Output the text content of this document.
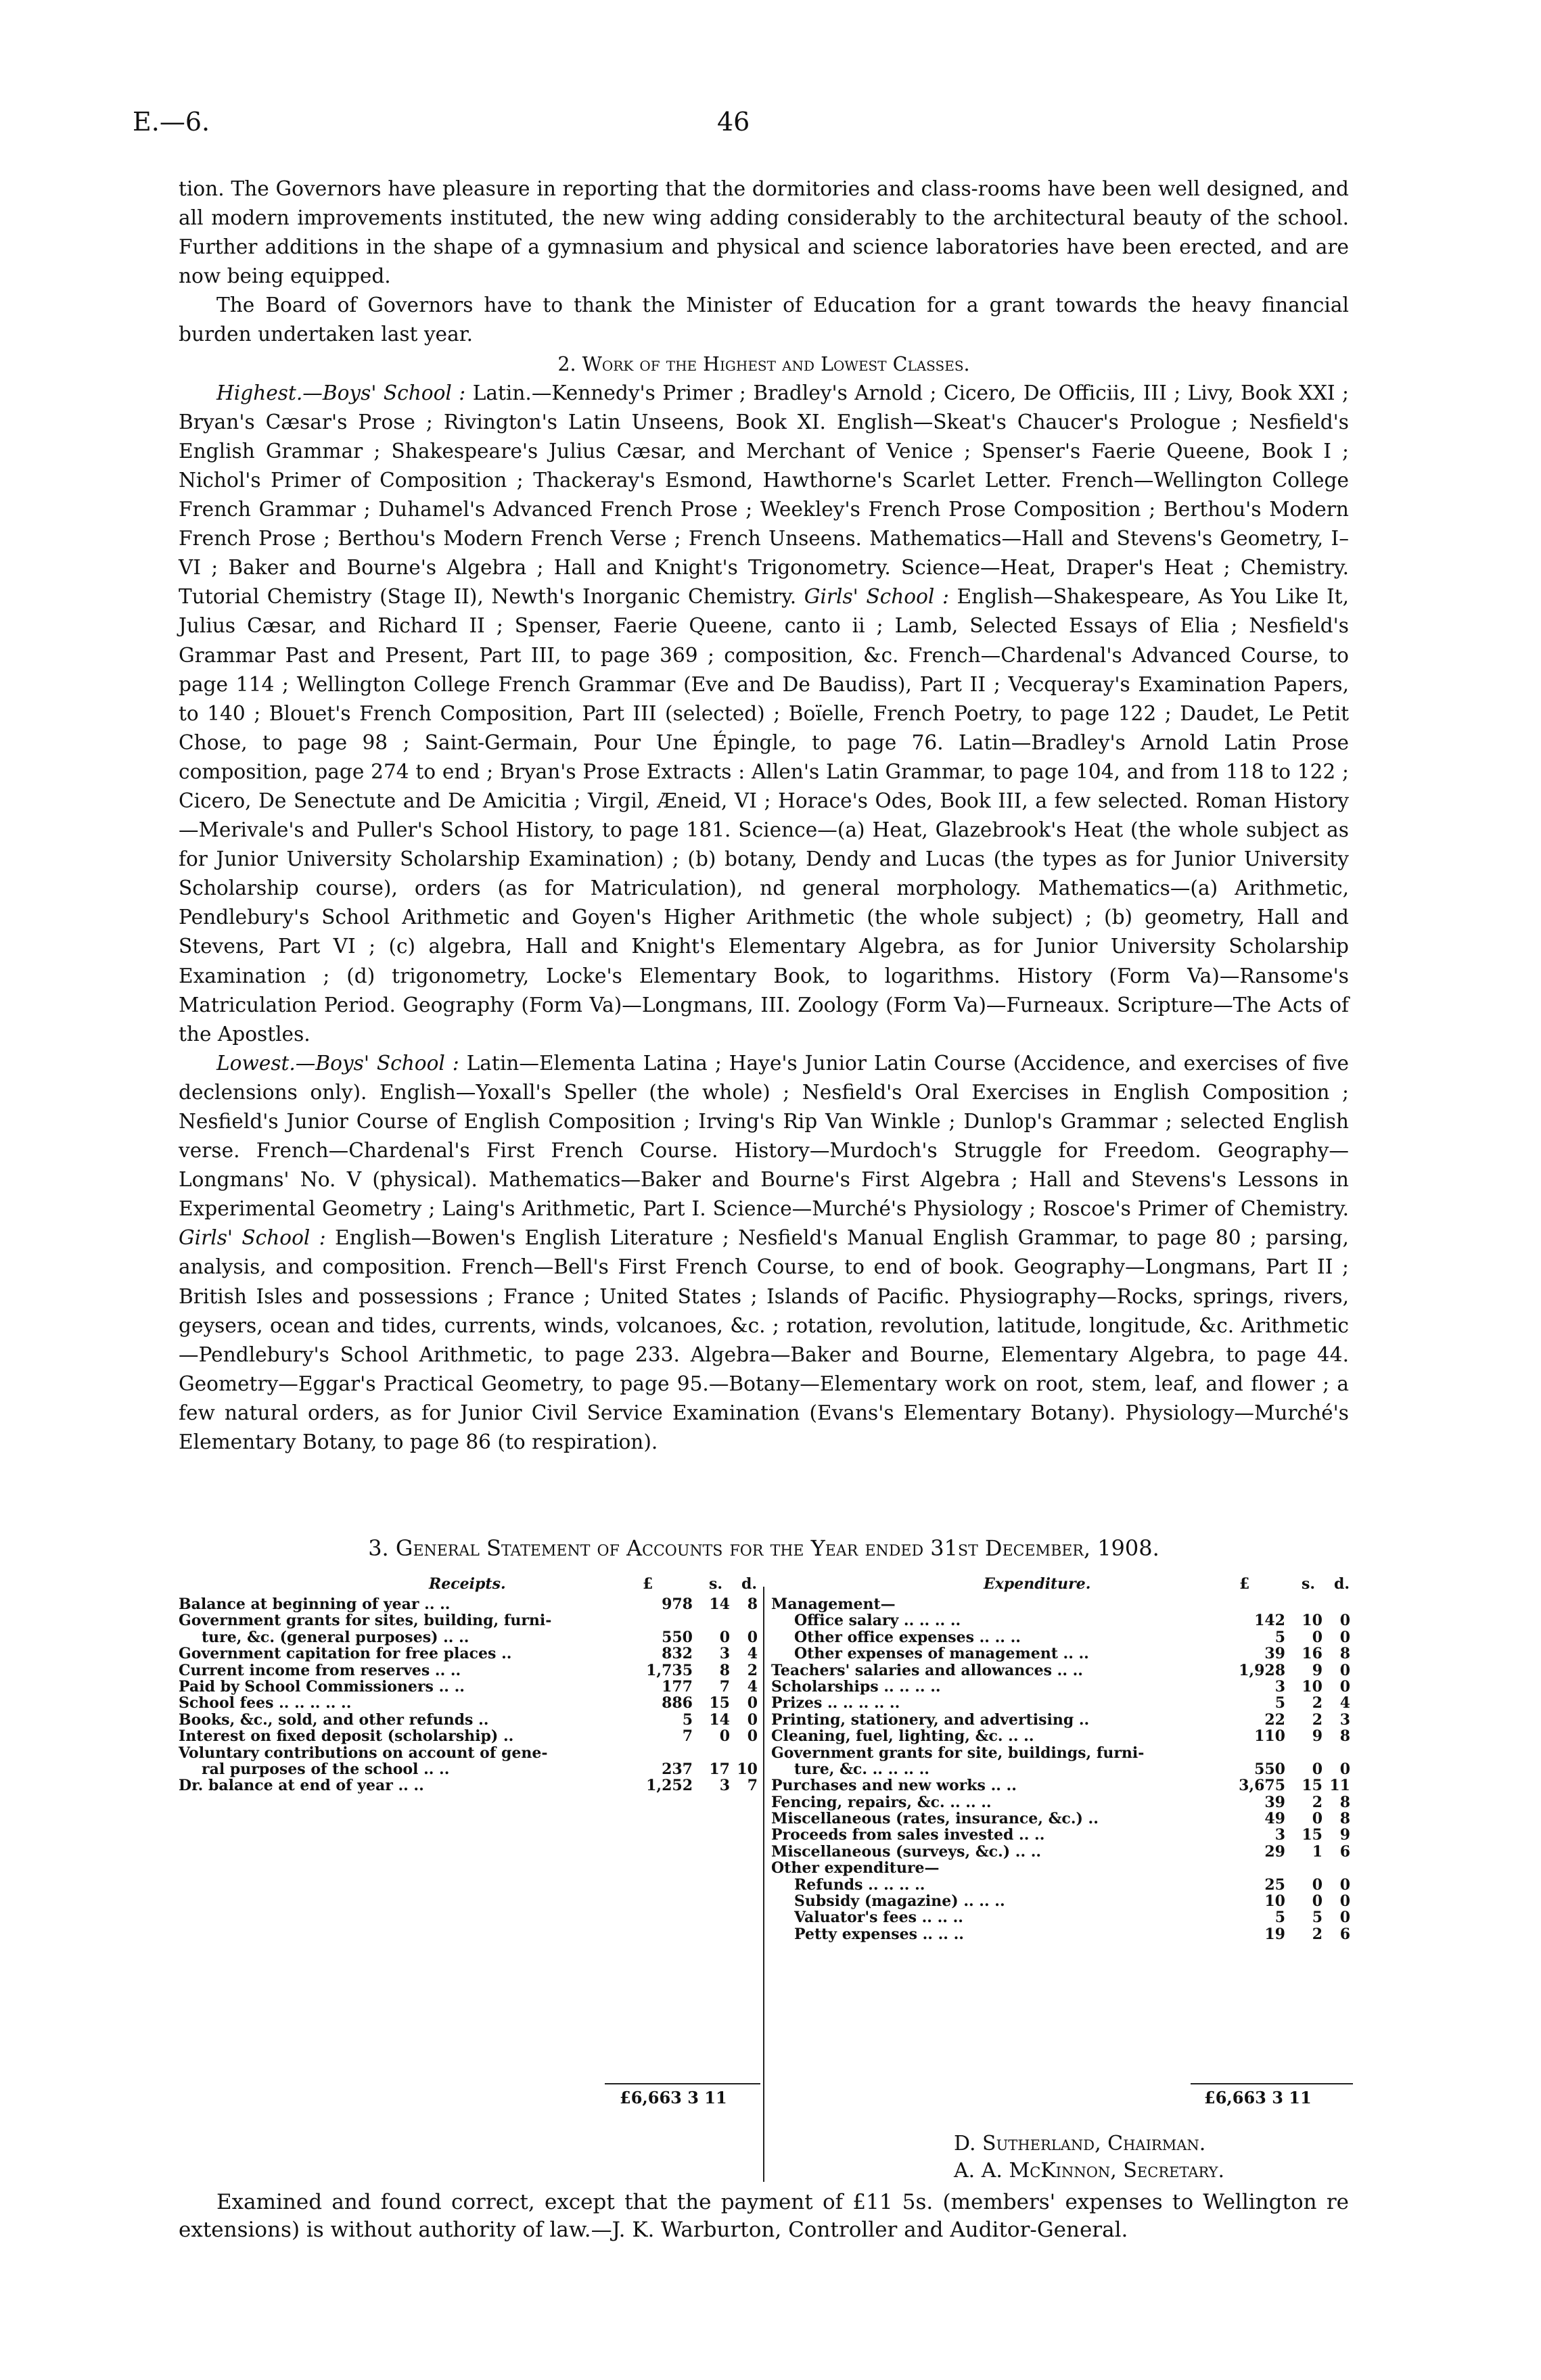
E.—6.	46

tion. The Governors have pleasure in reporting that the dormitories and class-rooms have been well designed, and all modern improvements instituted, the new wing adding considerably to the architectural beauty of the school. Further additions in the shape of a gymnasium and physical and science laboratories have been erected, and are now being equipped.

The Board of Governors have to thank the Minister of Education for a grant towards the heavy financial burden undertaken last year.

2. Work of the Highest and Lowest Classes.

Highest.—Boys' School : Latin.—Kennedy's Primer ; Bradley's Arnold ; Cicero, De Officiis, III ; Livy, Book XXI ; Bryan's Cæsar's Prose ; Rivington's Latin Unseens, Book XI. English—Skeat's Chaucer's Prologue ; Nesfield's English Grammar ; Shakespeare's Julius Cæsar, and Merchant of Venice ; Spenser's Faerie Queene, Book I ; Nichol's Primer of Composition ; Thackeray's Esmond, Hawthorne's Scarlet Letter. French—Wellington College French Grammar ; Duhamel's Advanced French Prose ; Weekley's French Prose Composition ; Berthou's Modern French Prose ; Berthou's Modern French Verse ; French Unseens. Mathematics—Hall and Stevens's Geometry, I–VI ; Baker and Bourne's Algebra ; Hall and Knight's Trigonometry. Science—Heat, Draper's Heat ; Chemistry. Tutorial Chemistry (Stage II), Newth's Inorganic Chemistry. Girls' School : English—Shakespeare, As You Like It, Julius Cæsar, and Richard II ; Spenser, Faerie Queene, canto ii ; Lamb, Selected Essays of Elia ; Nesfield's Grammar Past and Present, Part III, to page 369 ; composition, &c. French—Chardenal's Advanced Course, to page 114 ; Wellington College French Grammar (Eve and De Baudiss), Part II ; Vecqueray's Examination Papers, to 140 ; Blouet's French Composition, Part III (selected) ; Boïelle, French Poetry, to page 122 ; Daudet, Le Petit Chose, to page 98 ; Saint-Germain, Pour Une Épingle, to page 76. Latin—Bradley's Arnold Latin Prose composition, page 274 to end ; Bryan's Prose Extracts : Allen's Latin Grammar, to page 104, and from 118 to 122 ; Cicero, De Senectute and De Amicitia ; Virgil, Æneid, VI ; Horace's Odes, Book III, a few selected. Roman History—Merivale's and Puller's School History, to page 181. Science—(a) Heat, Glazebrook's Heat (the whole subject as for Junior University Scholarship Examination) ; (b) botany, Dendy and Lucas (the types as for Junior University Scholarship course), orders (as for Matriculation), nd general morphology. Mathematics—(a) Arithmetic, Pendlebury's School Arithmetic and Goyen's Higher Arithmetic (the whole subject) ; (b) geometry, Hall and Stevens, Part VI ; (c) algebra, Hall and Knight's Elementary Algebra, as for Junior University Scholarship Examination ; (d) trigonometry, Locke's Elementary Book, to logarithms. History (Form Va)—Ransome's Matriculation Period. Geography (Form Va)—Longmans, III. Zoology (Form Va)—Furneaux. Scripture—The Acts of the Apostles.

Lowest.—Boys' School : Latin—Elementa Latina ; Haye's Junior Latin Course (Accidence, and exercises of five declensions only). English—Yoxall's Speller (the whole) ; Nesfield's Oral Exercises in English Composition ; Nesfield's Junior Course of English Composition ; Irving's Rip Van Winkle ; Dunlop's Grammar ; selected English verse. French—Chardenal's First French Course. History—Murdoch's Struggle for Freedom. Geography—Longmans' No. V (physical). Mathematics—Baker and Bourne's First Algebra ; Hall and Stevens's Lessons in Experimental Geometry ; Laing's Arithmetic, Part I. Science—Murché's Physiology ; Roscoe's Primer of Chemistry. Girls' School : English—Bowen's English Literature ; Nesfield's Manual English Grammar, to page 80 ; parsing, analysis, and composition. French—Bell's First French Course, to end of book. Geography—Longmans, Part II ; British Isles and possessions ; France ; United States ; Islands of Pacific. Physiography—Rocks, springs, rivers, geysers, ocean and tides, currents, winds, volcanoes, &c. ; rotation, revolution, latitude, longitude, &c. Arithmetic—Pendlebury's School Arithmetic, to page 233. Algebra—Baker and Bourne, Elementary Algebra, to page 44. Geometry—Eggar's Practical Geometry, to page 95.—Botany—Elementary work on root, stem, leaf, and flower ; a few natural orders, as for Junior Civil Service Examination (Evans's Elementary Botany). Physiology—Murché's Elementary Botany, to page 86 (to respiration).

3. General Statement of Accounts for the Year ended 31st December, 1908.
Receipts.	£	s. d.
Balance at beginning of year .. ..	978	14	8
Government grants for sites, building, furni-
ture, &c. (general purposes) .. ..	550	0	0
Government capitation for free places ..	832	3	4
Current income from reserves .. ..	1,735	8	2
Paid by School Commissioners .. ..	177	7	4
School fees .. .. .. .. ..	886	15	0
Books, &c., sold, and other refunds ..	5	14	0
Interest on fixed deposit (scholarship) ..	7	0	0
Voluntary contributions on account of gene-
ral purposes of the school .. ..	237	17 10
Dr. balance at end of year .. ..	1,252	3	7
Expenditure.	£	s. d.
Management—
Office salary .. .. .. ..	142	10	0
Other office expenses .. .. ..	5	0	0
Other expenses of management .. ..	39	16	8
Teachers' salaries and allowances .. ..	1,928	9	0
Scholarships .. .. .. ..	3	10	0
Prizes .. .. .. .. ..	5	2	4
Printing, stationery, and advertising ..	22	2	3
Cleaning, fuel, lighting, &c. .. ..	110	9	8
Government grants for site, buildings, furni-
ture, &c. .. .. .. ..	550	0	0
Purchases and new works .. ..	3,675	15 11
Fencing, repairs, &c. .. .. ..	39	2	8
Miscellaneous (rates, insurance, &c.) ..	49	0	8
Proceeds from sales invested .. ..	3	15	9
Miscellaneous (surveys, &c.) .. ..	29	1	6
Other expenditure—
Refunds .. .. .. ..	25	0	0
Subsidy (magazine) .. .. ..	10	0	0
Valuator's fees .. .. ..	5	5	0
Petty expenses .. .. ..	19	2	6
£6,663 3 11	£6,663 3 11
D. Sutherland, Chairman.
A. A. McKinnon, Secretary.

Examined and found correct, except that the payment of £11 5s. (members' expenses to Wellington re extensions) is without authority of law.—J. K. Warburton, Controller and Auditor-General.
